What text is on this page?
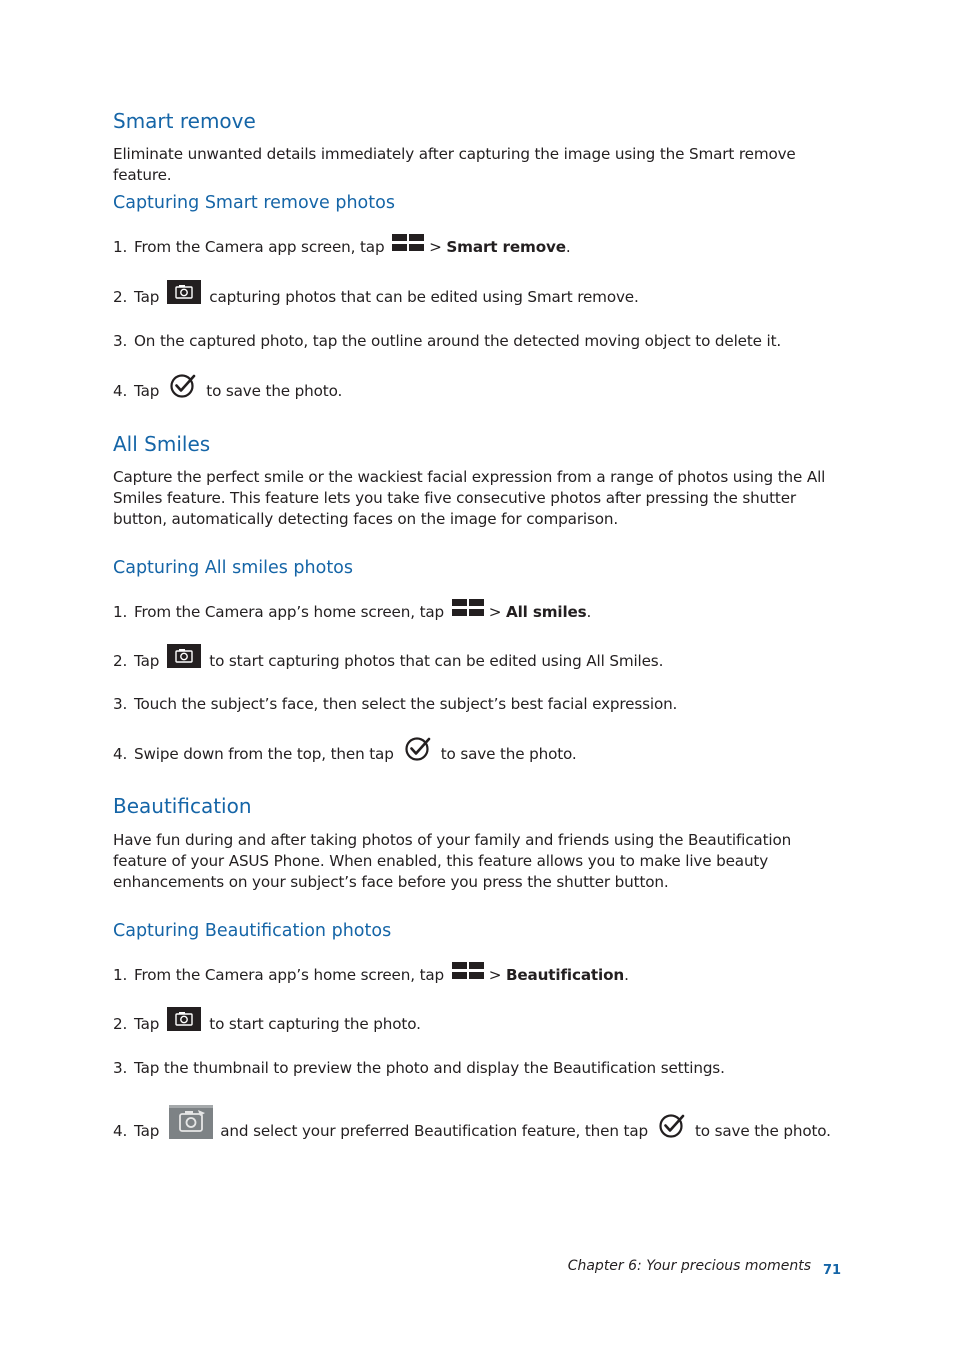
Smart remove

Eliminate unwanted details immediately after capturing the image using the Smart remove feature.

Capturing Smart remove photos
1. From the Camera app screen, tap	> Smart remove .
2. Tap	capturing photos that can be edited using Smart remove.
3. On the captured photo, tap the outline around the detected moving object to delete it.
4. Tap	to save the photo.
All Smiles

Capture the perfect smile or the wackiest facial expression from a range of photos using the All Smiles feature. This feature lets you take five consecutive photos after pressing the shutter button, automatically detecting faces on the image for comparison.

Capturing All smiles photos
1. From the Camera app’s home screen, tap	> All smiles .
2. Tap	to start capturing photos that can be edited using All Smiles.
3. Touch the subject’s face, then select the subject’s best facial expression.
4. Swipe down from the top, then tap	to save the photo.
Beautification

Have fun during and after taking photos of your family and friends using the Beautification feature of your ASUS Phone. When enabled, this feature allows you to make live beauty enhancements on your subject’s face before you press the shutter button.

Capturing Beautification photos
1. From the Camera app’s home screen, tap	> Beautification .
2. Tap	to start capturing the photo.
3. Tap the thumbnail to preview the photo and display the Beautification settings.
4. Tap	and select your preferred Beautification feature, then tap	to save the photo.
Chapter 6: Your precious moments 71
